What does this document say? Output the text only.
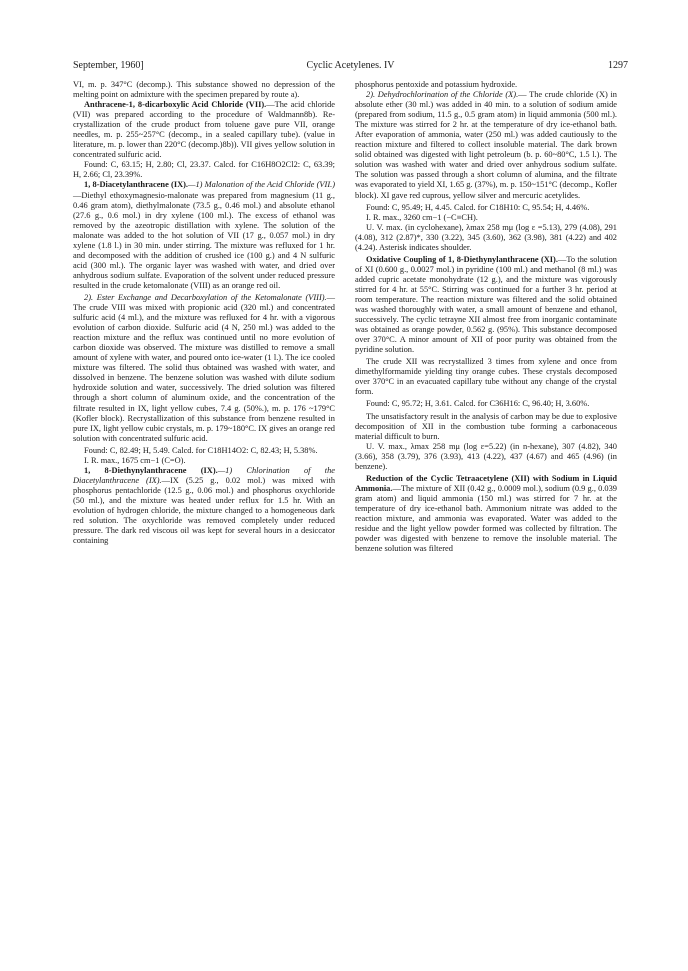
September, 1960]	Cyclic Acetylenes. IV	1297

VI, m. p. 347°C (decomp.). This substance showed no depression of the melting point on admixture with the specimen prepared by route a).

Anthracene-1, 8-dicarboxylic Acid Chloride (VII).—The acid chloride (VII) was prepared according to the procedure of Waldmann8b). Re-crystallization of the crude product from toluene gave pure VII, orange needles, m. p. 255~257°C (decomp., in a sealed capillary tube). (value in literature, m. p. lower than 220°C (decomp.)8b)). VII gives yellow solution in concentrated sulfuric acid.

Found: C, 63.15; H, 2.80; Cl, 23.37. Calcd. for C16H8O2Cl2: C, 63.39; H, 2.66; Cl, 23.39%.

1, 8-Diacetylanthracene (IX).—1) Malonation of the Acid Chloride (VII.)—Diethyl ethoxymagnesio-malonate was prepared from magnesium (11 g., 0.46 gram atom), diethylmalonate (73.5 g., 0.46 mol.) and absolute ethanol (27.6 g., 0.6 mol.) in dry xylene (100 ml.). The excess of ethanol was removed by the azeotropic distillation with xylene. The solution of the malonate was added to the hot solution of VII (17 g., 0.057 mol.) in dry xylene (1.8 l.) in 30 min. under stirring. The mixture was refluxed for 1 hr. and decomposed with the addition of crushed ice (100 g.) and 4 N sulfuric acid (300 ml.). The organic layer was washed with water, and dried over anhydrous sodium sulfate. Evaporation of the solvent under reduced pressure resulted in the crude ketomalonate (VIII) as an orange red oil.

2). Ester Exchange and Decarboxylation of the Ketomalonate (VIII).—The crude VIII was mixed with propionic acid (320 ml.) and concentrated sulfuric acid (4 ml.), and the mixture was refluxed for 4 hr. with a vigorous evolution of carbon dioxide. Sulfuric acid (4 N, 250 ml.) was added to the reaction mixture and the reflux was continued until no more evolution of carbon dioxide was observed. The mixture was distilled to remove a small amount of xylene with water, and poured onto ice-water (1 l.). The ice cooled mixture was filtered. The solid thus obtained was washed with water, and dissolved in benzene. The benzene solution was washed with dilute sodium hydroxide solution and water, successively. The dried solution was filtered through a short column of aluminum oxide, and the concentration of the filtrate resulted in IX, light yellow cubes, 7.4 g. (50%.), m. p. 176 ~179°C (Kofler block). Recrystallization of this substance from benzene resulted in pure IX, light yellow cubic crystals, m. p. 179~180°C. IX gives an orange red solution with concentrated sulfuric acid.

Found: C, 82.49; H, 5.49. Calcd. for C18H14O2: C, 82.43; H, 5.38%.

I. R. max., 1675 cm−1 (C=O).

1, 8-Diethynylanthracene (IX).—1) Chlorination of the Diacetylanthracene (IX).—IX (5.25 g., 0.02 mol.) was mixed with phosphorus pentachloride (12.5 g., 0.06 mol.) and phosphorus oxychloride (50 ml.), and the mixture was heated under reflux for 1.5 hr. With an evolution of hydrogen chloride, the mixture changed to a homogeneous dark red solution. The oxychloride was removed completely under reduced pressure. The dark red viscous oil was kept for several hours in a desiccator containing

phosphorus pentoxide and potassium hydroxide.

2). Dehydrochlorination of the Chloride (X).— The crude chloride (X) in absolute ether (30 ml.) was added in 40 min. to a solution of sodium amide (prepared from sodium, 11.5 g., 0.5 gram atom) in liquid ammonia (500 ml.). The mixture was stirred for 2 hr. at the temperature of dry ice-ethanol bath. After evaporation of ammonia, water (250 ml.) was added cautiously to the reaction mixture and filtered to collect insoluble material. The dark brown solid obtained was digested with light petroleum (b. p. 60~80°C, 1.5 l.). The solution was washed with water and dried over anhydrous sodium sulfate. The solution was passed through a short column of alumina, and the filtrate was evaporated to yield XI, 1.65 g. (37%), m. p. 150~151°C (decomp., Kofler block). XI gave red cuprous, yellow silver and mercuric acetylides.

Found: C, 95.49; H, 4.45. Calcd. for C18H10: C, 95.54; H, 4.46%.

I. R. max., 3260 cm−1 (−C≡CH).

U. V. max. (in cyclohexane), λmax 258 mμ (log ε =5.13), 279 (4.08), 291 (4.08), 312 (2.87)*, 330 (3.22), 345 (3.60), 362 (3.98), 381 (4.22) and 402 (4.24). Asterisk indicates shoulder.

Oxidative Coupling of 1, 8-Diethynylanthracene (XI).—To the solution of XI (0.600 g., 0.0027 mol.) in pyridine (100 ml.) and methanol (8 ml.) was added cupric acetate monohydrate (12 g.), and the mixture was vigorously stirred for 4 hr. at 55°C. Stirring was continued for a further 3 hr. period at room temperature. The reaction mixture was filtered and the solid obtained was washed thoroughly with water, a small amount of benzene and ethanol, successively. The cyclic tetrayne XII almost free from inorganic contaminate was obtained as orange powder, 0.562 g. (95%). This substance decomposed over 370°C. A minor amount of XII of poor purity was obtained from the pyridine solution.

The crude XII was recrystallized 3 times from xylene and once from dimethylformamide yielding tiny orange cubes. These crystals decomposed over 370°C in an evacuated capillary tube without any change of the crystal form.

Found: C, 95.72; H, 3.61. Calcd. for C36H16: C, 96.40; H, 3.60%.

The unsatisfactory result in the analysis of carbon may be due to explosive decomposition of XII in the combustion tube forming a carbonaceous material difficult to burn.

U. V. max., λmax 258 mμ (log ε=5.22) (in n-hexane), 307 (4.82), 340 (3.66), 358 (3.79), 376 (3.93), 413 (4.22), 437 (4.67) and 465 (4.96) (in benzene).

Reduction of the Cyclic Tetraacetylene (XII) with Sodium in Liquid Ammonia.—The mixture of XII (0.42 g., 0.0009 mol.), sodium (0.9 g., 0.039 gram atom) and liquid ammonia (150 ml.) was stirred for 7 hr. at the temperature of dry ice-ethanol bath. Ammonium nitrate was added to the reaction mixture, and ammonia was evaporated. Water was added to the residue and the light yellow powder formed was collected by filtration. The powder was digested with benzene to remove the insoluble material. The benzene solution was filtered
